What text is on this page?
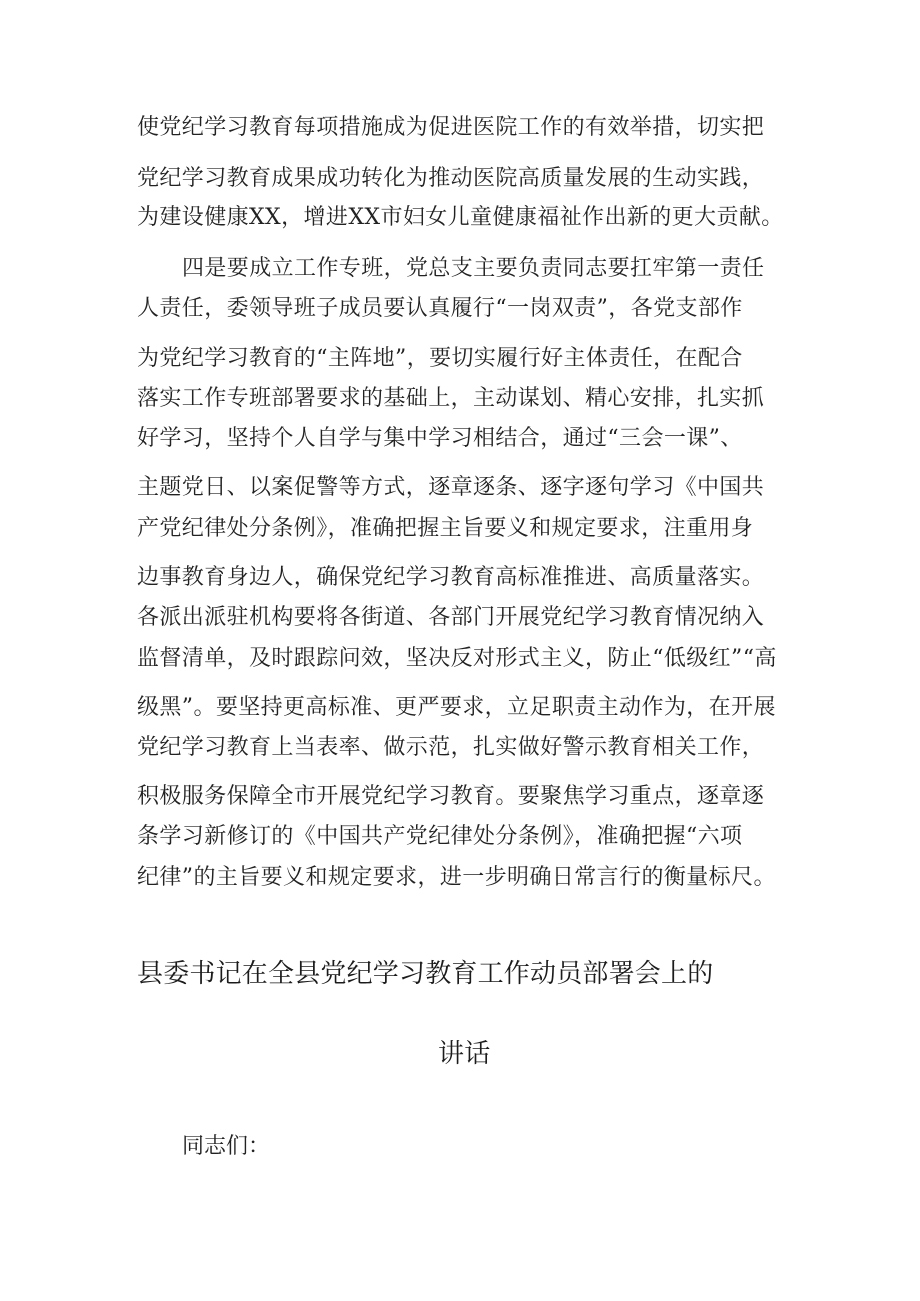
使党纪学习教育每项措施成为促进医院工作的有效举措，切实把
党纪学习教育成果成功转化为推动医院高质量发展的生动实践，
为建设健康XX，增进XX市妇女儿童健康福祉作出新的更大贡献。
四是要成立工作专班，党总支主要负责同志要扛牢第一责任
人责任，委领导班子成员要认真履行“一岗双责”，各党支部作
为党纪学习教育的“主阵地”，要切实履行好主体责任，在配合
落实工作专班部署要求的基础上，主动谋划、精心安排，扎实抓
好学习，坚持个人自学与集中学习相结合，通过“三会一课”、
主题党日、以案促警等方式，逐章逐条、逐字逐句学习《中国共
产党纪律处分条例》，准确把握主旨要义和规定要求，注重用身
边事教育身边人，确保党纪学习教育高标准推进、高质量落实。
各派出派驻机构要将各街道、各部门开展党纪学习教育情况纳入
监督清单，及时跟踪问效，坚决反对形式主义，防止“低级红”“高
级黑”。要坚持更高标准、更严要求，立足职责主动作为，在开展
党纪学习教育上当表率、做示范，扎实做好警示教育相关工作，
积极服务保障全市开展党纪学习教育。要聚焦学习重点，逐章逐
条学习新修订的《中国共产党纪律处分条例》，准确把握“六项
纪律”的主旨要义和规定要求，进一步明确日常言行的衡量标尺。
县委书记在全县党纪学习教育工作动员部署会上的
讲话
同志们：
